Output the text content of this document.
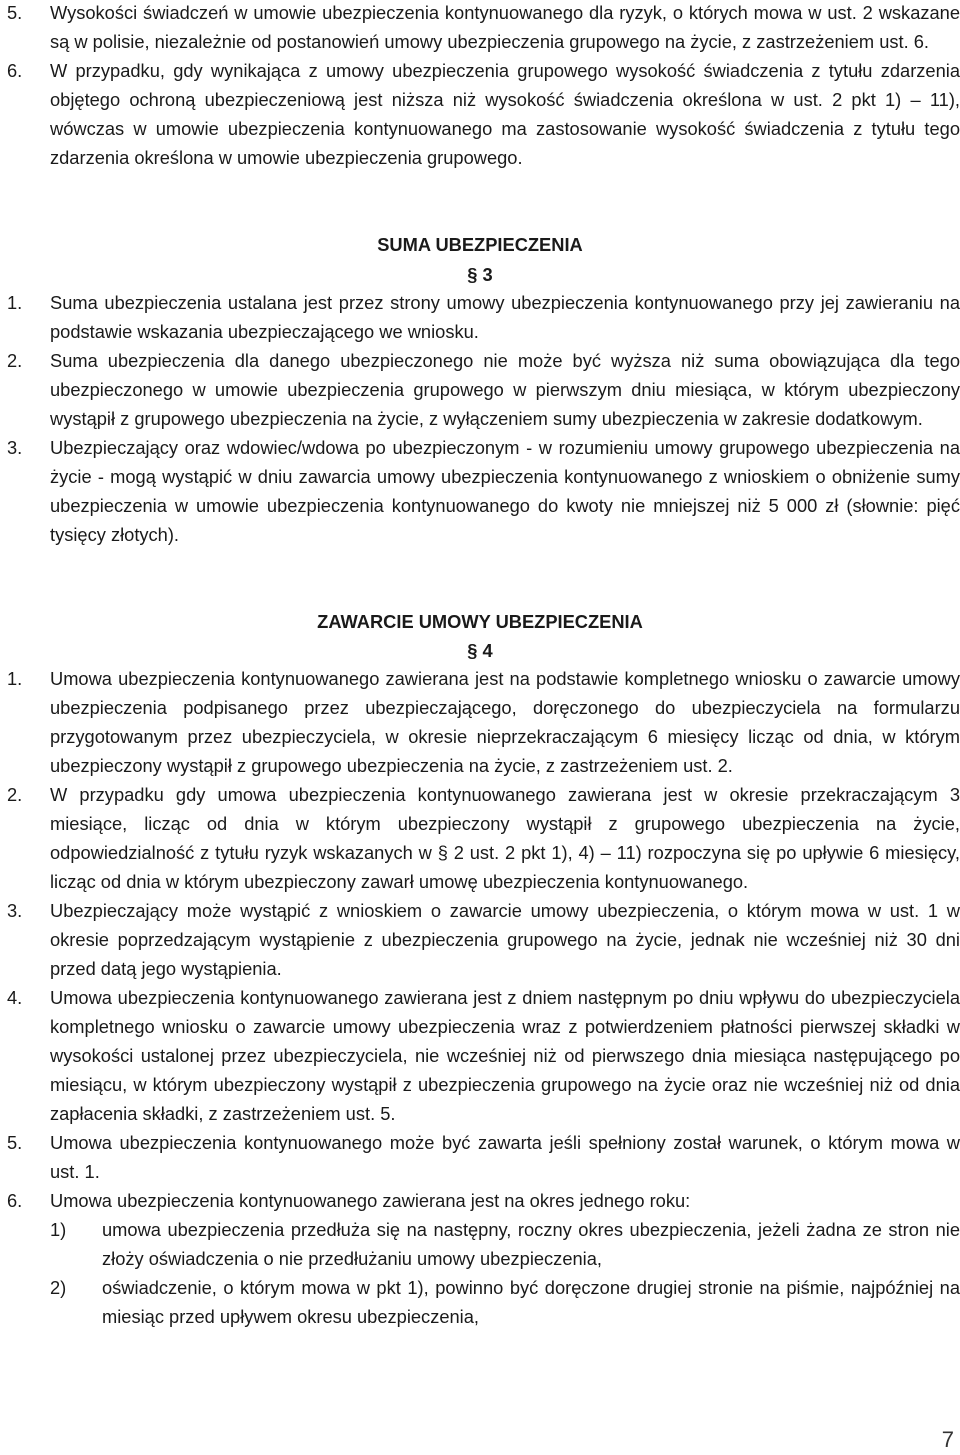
5. Wysokości świadczeń w umowie ubezpieczenia kontynuowanego dla ryzyk, o których mowa w ust. 2 wskazane są w polisie, niezależnie od postanowień umowy ubezpieczenia grupowego na życie, z zastrzeżeniem ust. 6.
6. W przypadku, gdy wynikająca z umowy ubezpieczenia grupowego wysokość świadczenia z tytułu zdarzenia objętego ochroną ubezpieczeniową jest niższa niż wysokość świadczenia określona w ust. 2 pkt 1) – 11), wówczas w umowie ubezpieczenia kontynuowanego ma zastosowanie wysokość świadczenia z tytułu tego zdarzenia określona w umowie ubezpieczenia grupowego.
SUMA UBEZPIECZENIA
§ 3
1. Suma ubezpieczenia ustalana jest przez strony umowy ubezpieczenia kontynuowanego przy jej zawieraniu na podstawie wskazania ubezpieczającego we wniosku.
2. Suma ubezpieczenia dla danego ubezpieczonego nie może być wyższa niż suma obowiązująca dla tego ubezpieczonego w umowie ubezpieczenia grupowego w pierwszym dniu miesiąca, w którym ubezpieczony wystąpił z grupowego ubezpieczenia na życie, z wyłączeniem sumy ubezpieczenia w zakresie dodatkowym.
3. Ubezpieczający oraz wdowiec/wdowa po ubezpieczonym - w rozumieniu umowy grupowego ubezpieczenia na życie - mogą wystąpić w dniu zawarcia umowy ubezpieczenia kontynuowanego z wnioskiem o obniżenie sumy ubezpieczenia w umowie ubezpieczenia kontynuowanego do kwoty nie mniejszej niż 5 000 zł (słownie: pięć tysięcy złotych).
ZAWARCIE UMOWY UBEZPIECZENIA
§ 4
1. Umowa ubezpieczenia kontynuowanego zawierana jest na podstawie kompletnego wniosku o zawarcie umowy ubezpieczenia podpisanego przez ubezpieczającego, doręczonego do ubezpieczyciela na formularzu przygotowanym przez ubezpieczyciela, w okresie nieprzekraczającym 6 miesięcy licząc od dnia, w którym ubezpieczony wystąpił z grupowego ubezpieczenia na życie, z zastrzeżeniem ust. 2.
2. W przypadku gdy umowa ubezpieczenia kontynuowanego zawierana jest w okresie przekraczającym 3 miesiące, licząc od dnia w którym ubezpieczony wystąpił z grupowego ubezpieczenia na życie, odpowiedzialność z tytułu ryzyk wskazanych w § 2 ust. 2 pkt 1), 4) – 11) rozpoczyna się po upływie 6 miesięcy, licząc od dnia w którym ubezpieczony zawarł umowę ubezpieczenia kontynuowanego.
3. Ubezpieczający może wystąpić z wnioskiem o zawarcie umowy ubezpieczenia, o którym mowa w ust. 1 w okresie poprzedzającym wystąpienie z ubezpieczenia grupowego na życie, jednak nie wcześniej niż 30 dni przed datą jego wystąpienia.
4. Umowa ubezpieczenia kontynuowanego zawierana jest z dniem następnym po dniu wpływu do ubezpieczyciela kompletnego wniosku o zawarcie umowy ubezpieczenia wraz z potwierdzeniem płatności pierwszej składki w wysokości ustalonej przez ubezpieczyciela, nie wcześniej niż od pierwszego dnia miesiąca następującego po miesiącu, w którym ubezpieczony wystąpił z ubezpieczenia grupowego na życie oraz nie wcześniej niż od dnia zapłacenia składki, z zastrzeżeniem ust. 5.
5. Umowa ubezpieczenia kontynuowanego może być zawarta jeśli spełniony został warunek, o którym mowa w ust. 1.
6. Umowa ubezpieczenia kontynuowanego zawierana jest na okres jednego roku:
1) umowa ubezpieczenia przedłuża się na następny, roczny okres ubezpieczenia, jeżeli żadna ze stron nie złoży oświadczenia o nie przedłużaniu umowy ubezpieczenia,
2) oświadczenie, o którym mowa w pkt 1), powinno być doręczone drugiej stronie na piśmie, najpóźniej na miesiąc przed upływem okresu ubezpieczenia,
7
